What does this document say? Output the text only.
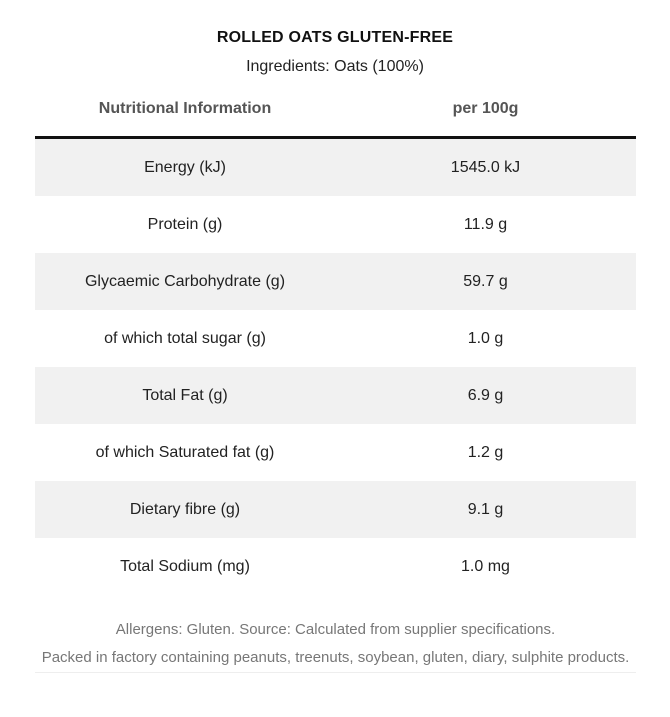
ROLLED OATS GLUTEN-FREE
Ingredients: Oats (100%)
Nutritional Information	per 100g
Energy (kJ)	1545.0 kJ
Protein (g)	11.9 g
Glycaemic Carbohydrate (g)	59.7 g
of which total sugar (g)	1.0 g
Total Fat (g)	6.9 g
of which Saturated fat (g)	1.2 g
Dietary fibre (g)	9.1 g
Total Sodium (mg)	1.0 mg
Allergens: Gluten. Source: Calculated from supplier specifications.
Packed in factory containing peanuts, treenuts, soybean, gluten, diary, sulphite products.
